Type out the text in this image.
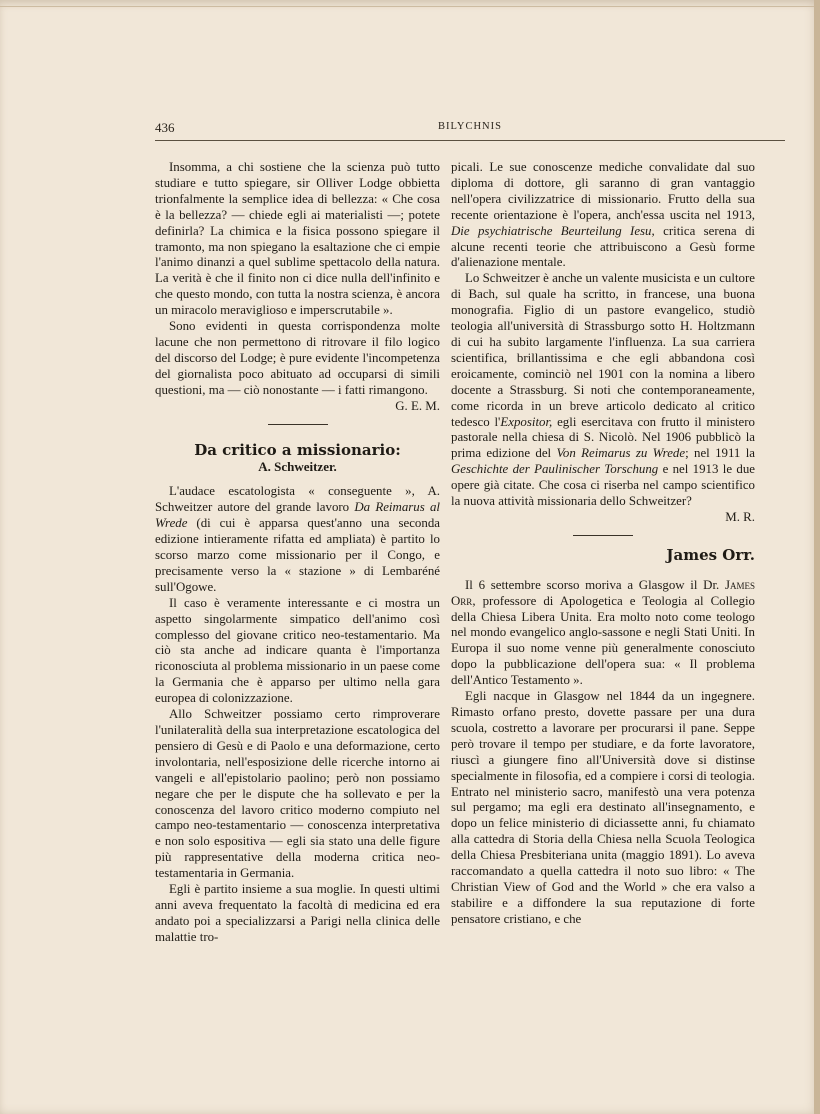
436	BILYCHNIS

Insomma, a chi sostiene che la scienza può tutto studiare e tutto spiegare, sir Olliver Lodge obbietta trionfalmente la semplice idea di bellezza: « Che cosa è la bellezza? — chiede egli ai materialisti —; potete definirla? La chimica e la fisica possono spiegare il tramonto, ma non spiegano la esaltazione che ci empie l'animo dinanzi a quel sublime spettacolo della natura. La verità è che il finito non ci dice nulla dell'infinito e che questo mondo, con tutta la nostra scienza, è ancora un miracolo meraviglioso e imperscrutabile ».

Sono evidenti in questa corrispondenza molte lacune che non permettono di ritrovare il filo logico del discorso del Lodge; è pure evidente l'incompetenza del giornalista poco abituato ad occuparsi di simili questioni, ma — ciò nonostante — i fatti rimangono.

G. E. M.

Da critico a missionario:
A. Schweitzer.

L'audace escatologista « conseguente », A. Schweitzer autore del grande lavoro Da Reimarus al Wrede (di cui è apparsa quest'anno una seconda edizione intieramente rifatta ed ampliata) è partito lo scorso marzo come missionario per il Congo, e precisamente verso la « stazione » di Lembaréné sull'Ogowe.

Il caso è veramente interessante e ci mostra un aspetto singolarmente simpatico dell'animo così complesso del giovane critico neo-testamentario. Ma ciò sta anche ad indicare quanta è l'importanza riconosciuta al problema missionario in un paese come la Germania che è apparso per ultimo nella gara europea di colonizzazione.

Allo Schweitzer possiamo certo rimproverare l'unilateralità della sua interpretazione escatologica del pensiero di Gesù e di Paolo e una deformazione, certo involontaria, nell'esposizione delle ricerche intorno ai vangeli e all'epistolario paolino; però non possiamo negare che per le dispute che ha sollevato e per la conoscenza del lavoro critico moderno compiuto nel campo neo-testamentario — conoscenza interpretativa e non solo espositiva — egli sia stato una delle figure più rappresentative della moderna critica neo-testamentaria in Germania.

Egli è partito insieme a sua moglie. In questi ultimi anni aveva frequentato la facoltà di medicina ed era andato poi a specializzarsi a Parigi nella clinica delle malattie tro-

picali. Le sue conoscenze mediche convalidate dal suo diploma di dottore, gli saranno di gran vantaggio nell'opera civilizzatrice di missionario. Frutto della sua recente orientazione è l'opera, anch'essa uscita nel 1913, Die psychiatrische Beurteilung Iesu, critica serena di alcune recenti teorie che attribuiscono a Gesù forme d'alienazione mentale.

Lo Schweitzer è anche un valente musicista e un cultore di Bach, sul quale ha scritto, in francese, una buona monografia. Figlio di un pastore evangelico, studiò teologia all'università di Strassburgo sotto H. Holtzmann di cui ha subito largamente l'influenza. La sua carriera scientifica, brillantissima e che egli abbandona così eroicamente, cominciò nel 1901 con la nomina a libero docente a Strassburg. Si noti che contemporaneamente, come ricorda in un breve articolo dedicato al critico tedesco l'Expositor, egli esercitava con frutto il ministero pastorale nella chiesa di S. Nicolò. Nel 1906 pubblicò la prima edizione del Von Reimarus zu Wrede; nel 1911 la Geschichte der Paulinischer Torschung e nel 1913 le due opere già citate. Che cosa ci riserba nel campo scientifico la nuova attività missionaria dello Schweitzer?

M. R.

James Orr.

Il 6 settembre scorso moriva a Glasgow il Dr. James Orr, professore di Apologetica e Teologia al Collegio della Chiesa Libera Unita. Era molto noto come teologo nel mondo evangelico anglo-sassone e negli Stati Uniti. In Europa il suo nome venne più generalmente conosciuto dopo la pubblicazione dell'opera sua: « Il problema dell'Antico Testamento ».

Egli nacque in Glasgow nel 1844 da un ingegnere. Rimasto orfano presto, dovette passare per una dura scuola, costretto a lavorare per procurarsi il pane. Seppe però trovare il tempo per studiare, e da forte lavoratore, riuscì a giungere fino all'Università dove si distinse specialmente in filosofia, ed a compiere i corsi di teologia. Entrato nel ministerio sacro, manifestò una vera potenza sul pergamo; ma egli era destinato all'insegnamento, e dopo un felice ministerio di diciassette anni, fu chiamato alla cattedra di Storia della Chiesa nella Scuola Teologica della Chiesa Presbiteriana unita (maggio 1891). Lo aveva raccomandato a quella cattedra il noto suo libro: « The Christian View of God and the World » che era valso a stabilire e a diffondere la sua reputazione di forte pensatore cristiano, e che
